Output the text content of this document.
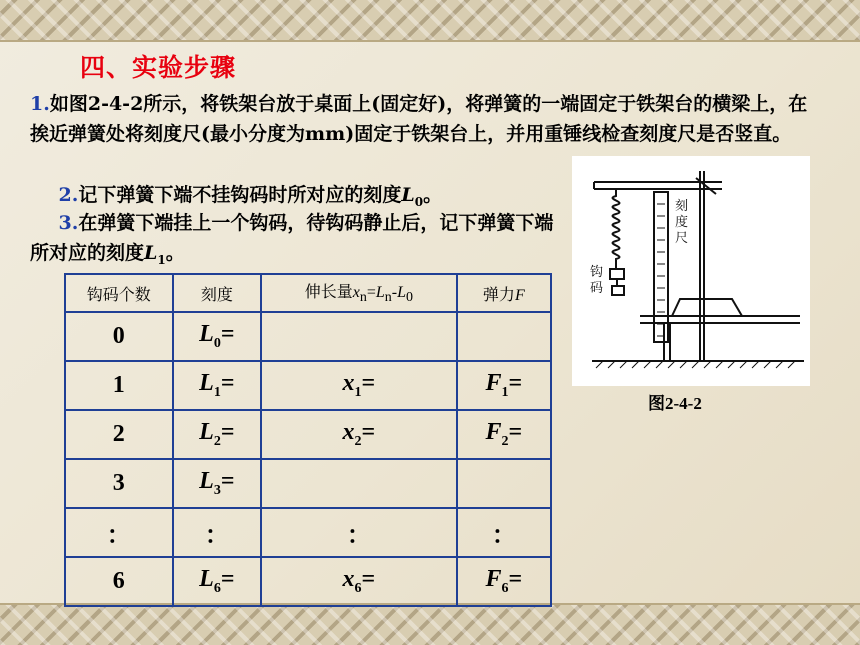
四、实验步骤

1.如图2-4-2所示，将铁架台放于桌面上(固定好)，将弹簧的一端固定于铁架台的横梁上，在挨近弹簧处将刻度尺(最小分度为mm)固定于铁架台上，并用重锤线检查刻度尺是否竖直。

  2.记下弹簧下端不挂钩码时所对应的刻度$L_0$。

  3.在弹簧下端挂上一个钩码，待钩码静止后，记下弹簧下端所对应的刻度$L_1$。

钩码个数	刻度	伸长量$x_n=L_n-L_0$	弹力F
0	$L_0=$		
1	$L_1=$	$x_1=$	$F_1=$
2	$L_2=$	$x_2=$	$F_2=$
3	$L_3=$		
：	：	：	：
6	$L_6=$	$x_6=$	$F_6=$
刻
度
尺
钩
码
图2-4-2
